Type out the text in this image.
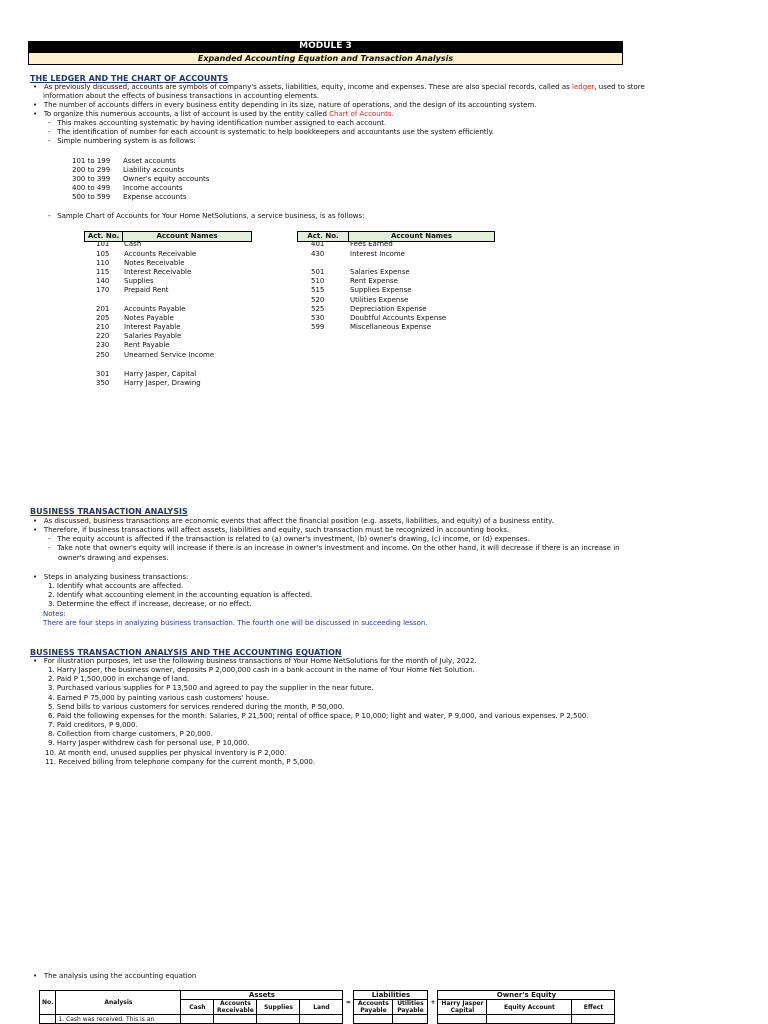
MODULE 3
Expanded Accounting Equation and Transaction Analysis
THE LEDGER AND THE CHART OF ACCOUNTS
•   As previously discussed, accounts are symbols of company's assets, liabilities, equity, income and expenses. These are also special records, called as ledger, used to store
information about the effects of business transactions in accounting elements.
•   The number of accounts differs in every business entity depending in its size, nature of operations, and the design of its accounting system.
•   To organize this numerous accounts, a list of account is used by the entity called Chart of Accounts.
-   This makes accounting systematic by having identification number assigned to each account.
-   The identification of number for each account is systematic to help bookkeepers and accountants use the system efficiently.
-   Simple numbering system is as follows:
101 to 199 Asset accounts
200 to 299 Liability accounts
300 to 399 Owner's equity accounts
400 to 499 Income accounts
500 to 599 Expense accounts
-   Sample Chart of Accounts for Your Home NetSolutions, a service business, is as follows:
Act. No.	Account Names	Act. No.	Account Names
101 Cash
105 Accounts Receivable
110 Notes Receivable
115 Interest Receivable
140 Supplies
170 Prepaid Rent
201 Accounts Payable
205 Notes Payable
210 Interest Payable
220 Salaries Payable
230 Rent Payable
250 Unearned Service Income
301 Harry Jasper, Capital
350 Harry Jasper, Drawing
401	Fees Earned
430	Interest Income
501	Salaries Expense
510	Rent Expense
515	Supplies Expense
520	Utilities Expense
525	Depreciation Expense
530	Doubtful Accounts Expense
599	Miscellaneous Expense
BUSINESS TRANSACTION ANALYSIS
•   As discussed, business transactions are economic events that affect the financial position (e.g. assets, liabilities, and equity) of a business entity.
•   Therefore, if business transactions will affect assets, liabilities and equity, such transaction must be recognized in accounting books.
-   The equity account is affected if the transaction is related to (a) owner's investment, (b) owner's drawing, (c) income, or (d) expenses.
-   Take note that owner's equity will increase if there is an increase in owner's investment and income. On the other hand, it will decrease if there is an increase in
owner's drawing and expenses.
•   Steps in analyzing business transactions:
1. Identify what accounts are affected.
2. Identify what accounting element in the accounting equation is affected.
3. Determine the effect if increase, decrease, or no effect.
Notes:
There are four steps in analyzing business transaction. The fourth one will be discussed in succeeding lesson.
BUSINESS TRANSACTION ANALYSIS AND THE ACCOUNTING EQUATION
•   For illustration purposes, let use the following business transactions of Your Home NetSolutions for the month of July, 2022.
1. Harry Jasper, the business owner, deposits P 2,000,000 cash in a bank account in the name of Your Home Net Solution.
2. Paid P 1,500,000 in exchange of land.
3. Purchased various supplies for P 13,500 and agreed to pay the supplier in the near future.
4. Earned P 75,000 by painting various cash customers' house.
5. Send bills to various customers for services rendered during the month, P 50,000.
6. Paid the following expenses for the month: Salaries, P 21,500; rental of office space, P 10,000; light and water, P 9,000, and various expenses. P 2,500.
7. Paid creditors, P 9,000.
8. Collection from charge customers, P 20,000.
9. Harry Jasper withdrew cash for personal use, P 10,000.
10. At month end, unused supplies per physical inventory is P 2,000.
11. Received billing from telephone company for the current month, P 5,000.
•   The analysis using the accounting equation
No.	Analysis	Assets				=	Liabilities		+	Owner's Equity		
		Cash	Accounts
Receivable	Supplies	Land		Accounts
Payable	Utilities
Payable		Harry Jasper
Capital	Equity Account	Effect
	1. Cash was received. This is an											
